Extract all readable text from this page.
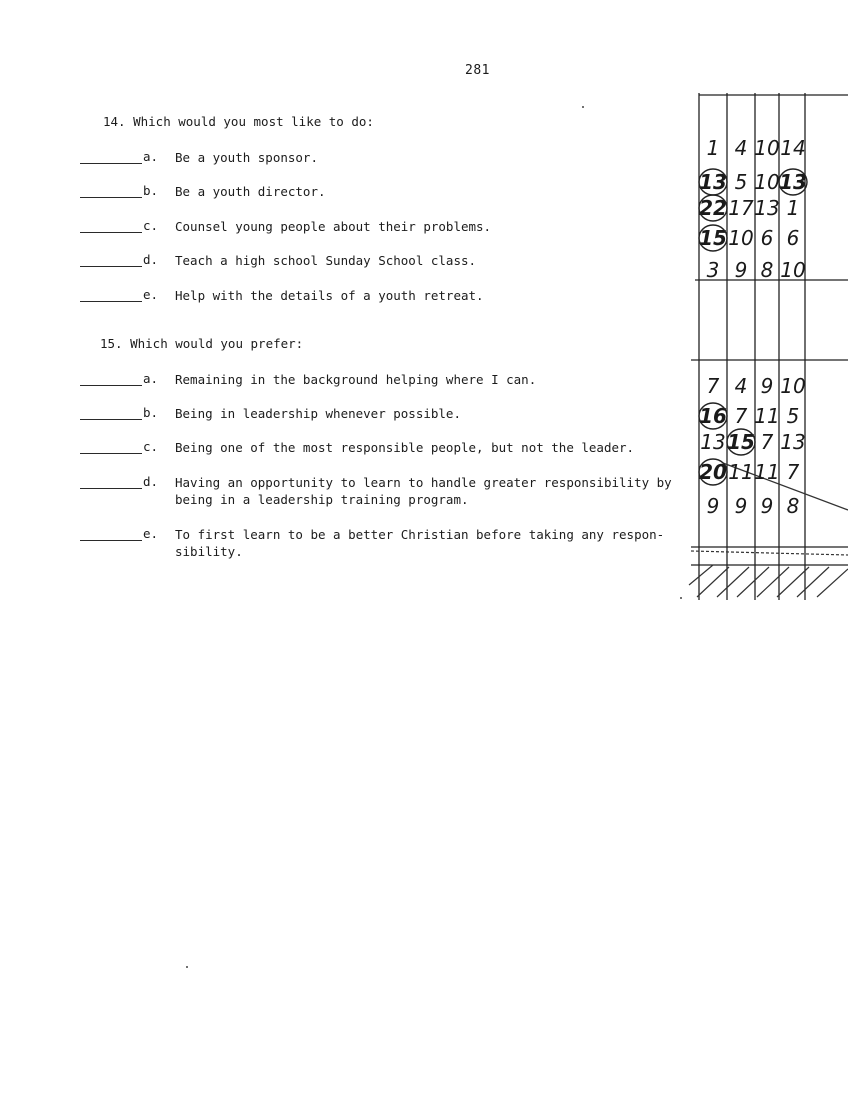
281
14. Which would you most like to do:
a. Be a youth sponsor.
b. Be a youth director.
c. Counsel young people about their problems.
d. Teach a high school Sunday School class.
e. Help with the details of a youth retreat.
15. Which would you prefer:
a. Remaining in the background helping where I can.
b. Being in leadership whenever possible.
c. Being one of the most responsible people, but not the leader.
d. Having an opportunity to learn to handle greater responsibility by
being in a leadership training program.
e. To first learn to be a better Christian before taking any respon-
sibility.
1 4 10 14
13 5 10 13
22 17 13 1
15 10 6 6
3 9 8 10
7 4 9 10
16 7 11 5
13 15 7 13
20 11 11 7
9 9 9 8
